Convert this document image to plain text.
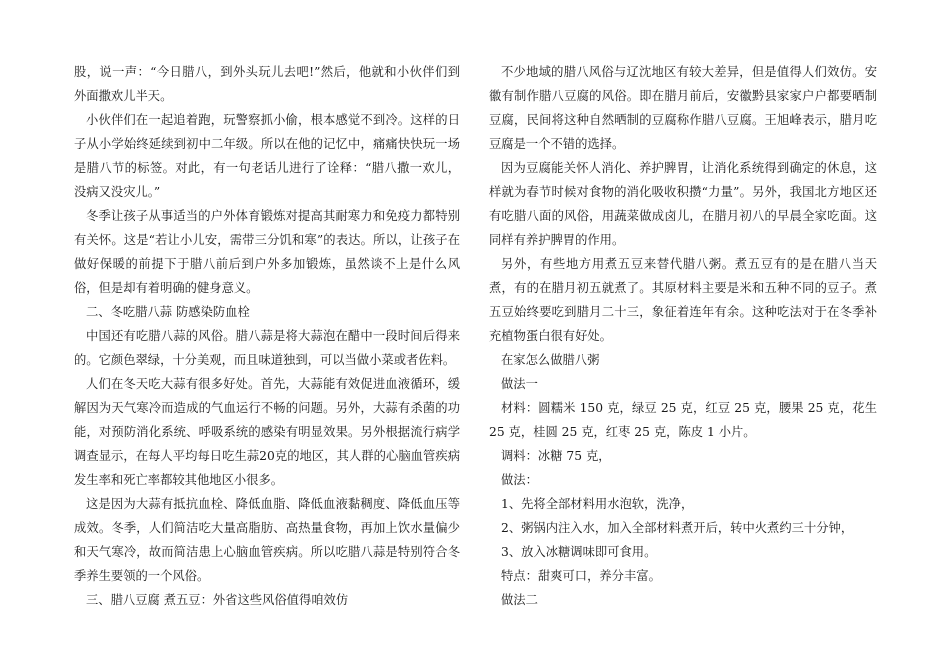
股，说一声：“今日腊八，到外头玩儿去吧!”然后，他就和小伙伴们到外面撒欢儿半天。

小伙伴们在一起追着跑，玩警察抓小偷，根本感觉不到冷。这样的日子从小学始终延续到初中二年级。所以在他的记忆中，痛痛快快玩一场是腊八节的标签。对此，有一句老话儿进行了诠释：“腊八撒一欢儿，没病又没灾儿。”

冬季让孩子从事适当的户外体育锻炼对提高其耐寒力和免疫力都特别有关怀。这是“若让小儿安，需带三分饥和寒”的表达。所以，让孩子在做好保暖的前提下于腊八前后到户外多加锻炼，虽然谈不上是什么风俗，但是却有着明确的健身意义。

二、冬吃腊八蒜 防感染防血栓

中国还有吃腊八蒜的风俗。腊八蒜是将大蒜泡在醋中一段时间后得来的。它颜色翠绿，十分美观，而且味道独到，可以当做小菜或者佐料。

人们在冬天吃大蒜有很多好处。首先，大蒜能有效促进血液循环，缓解因为天气寒冷而造成的气血运行不畅的问题。另外，大蒜有杀菌的功能，对预防消化系统、呼吸系统的感染有明显效果。另外根据流行病学调查显示，在每人平均每日吃生蒜20克的地区，其人群的心脑血管疾病发生率和死亡率都较其他地区小很多。

这是因为大蒜有抵抗血栓、降低血脂、降低血液黏稠度、降低血压等成效。冬季，人们简洁吃大量高脂肪、高热量食物，再加上饮水量偏少和天气寒冷，故而简洁患上心脑血管疾病。所以吃腊八蒜是特别符合冬季养生要领的一个风俗。

三、腊八豆腐 煮五豆：外省这些风俗值得咱效仿

不少地域的腊八风俗与辽沈地区有较大差异，但是值得人们效仿。安徽有制作腊八豆腐的风俗。即在腊月前后，安徽黔县家家户户都要晒制豆腐，民间将这种自然晒制的豆腐称作腊八豆腐。王旭峰表示，腊月吃豆腐是一个不错的选择。

因为豆腐能关怀人消化、养护脾胃，让消化系统得到确定的休息，这样就为春节时候对食物的消化吸收积攒“力量”。另外，我国北方地区还有吃腊八面的风俗，用蔬菜做成卤儿，在腊月初八的早晨全家吃面。这同样有养护脾胃的作用。

另外，有些地方用煮五豆来替代腊八粥。煮五豆有的是在腊八当天煮，有的在腊月初五就煮了。其原材料主要是米和五种不同的豆子。煮五豆始终要吃到腊月二十三，象征着连年有余。这种吃法对于在冬季补充植物蛋白很有好处。

在家怎么做腊八粥

做法一

材料：圆糯米 150 克，绿豆 25 克，红豆 25 克，腰果 25 克，花生 25 克，桂圆 25 克，红枣 25 克，陈皮 1 小片。

调料：冰糖 75 克，

做法：

1、先将全部材料用水泡软，洗净，

2、粥锅内注入水，加入全部材料煮开后，转中火煮约三十分钟，

3、放入冰糖调味即可食用。

特点：甜爽可口，养分丰富。

做法二
